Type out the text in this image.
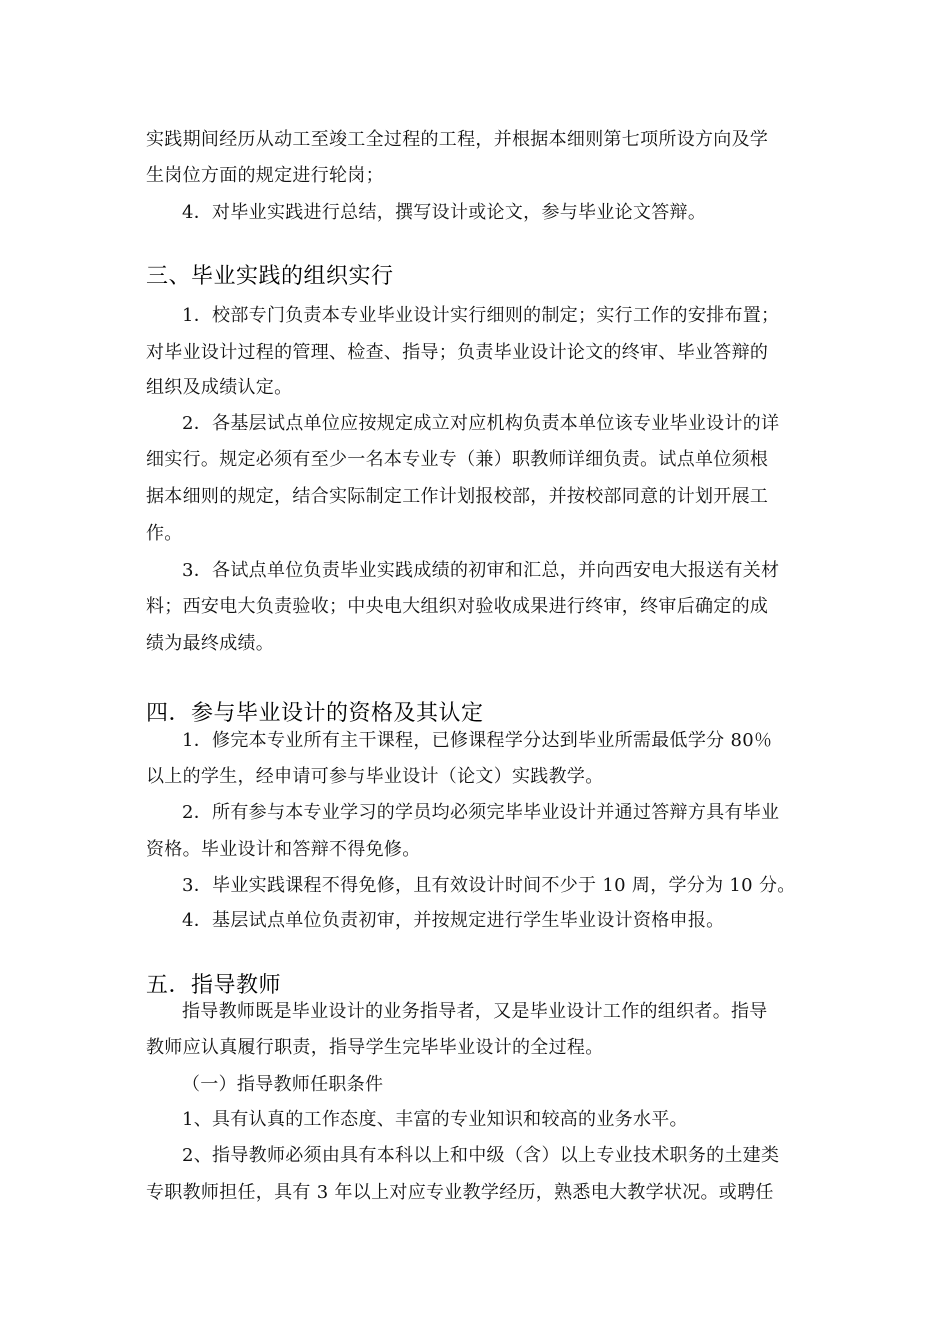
实践期间经历从动工至竣工全过程的工程，并根据本细则第七项所设方向及学
生岗位方面的规定进行轮岗；
4．对毕业实践进行总结，撰写设计或论文，参与毕业论文答辩。
三、毕业实践的组织实行
1．校部专门负责本专业毕业设计实行细则的制定；实行工作的安排布置；
对毕业设计过程的管理、检查、指导；负责毕业设计论文的终审、毕业答辩的
组织及成绩认定。
2．各基层试点单位应按规定成立对应机构负责本单位该专业毕业设计的详
细实行。规定必须有至少一名本专业专（兼）职教师详细负责。试点单位须根
据本细则的规定，结合实际制定工作计划报校部，并按校部同意的计划开展工
作。
3．各试点单位负责毕业实践成绩的初审和汇总，并向西安电大报送有关材
料；西安电大负责验收；中央电大组织对验收成果进行终审，终审后确定的成
绩为最终成绩。
四．参与毕业设计的资格及其认定
1．修完本专业所有主干课程，已修课程学分达到毕业所需最低学分 80％
以上的学生，经申请可参与毕业设计（论文）实践教学。
2．所有参与本专业学习的学员均必须完毕毕业设计并通过答辩方具有毕业
资格。毕业设计和答辩不得免修。
3．毕业实践课程不得免修，且有效设计时间不少于 10 周，学分为 10 分。
4．基层试点单位负责初审，并按规定进行学生毕业设计资格申报。
五．指导教师
指导教师既是毕业设计的业务指导者，又是毕业设计工作的组织者。指导
教师应认真履行职责，指导学生完毕毕业设计的全过程。
（一）指导教师任职条件
1、具有认真的工作态度、丰富的专业知识和较高的业务水平。
2、指导教师必须由具有本科以上和中级（含）以上专业技术职务的土建类
专职教师担任，具有 3 年以上对应专业教学经历，熟悉电大教学状况。或聘任
